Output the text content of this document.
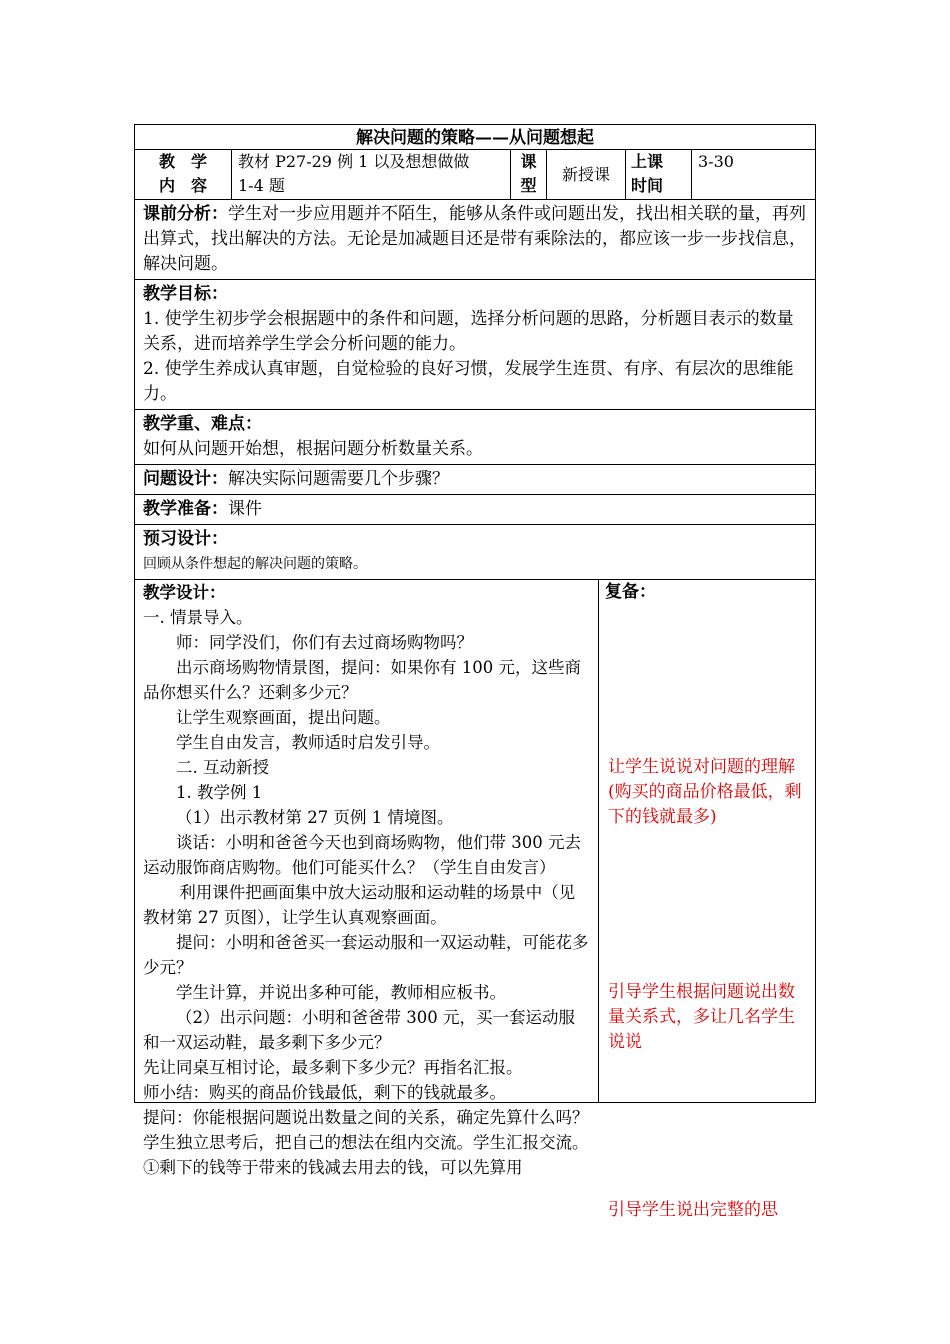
解决问题的策略——从问题想起
教　学
内　容
教材 P27-29 例 1 以及想想做做
1-4 题
课
型
新授课
上课
时间
3-30
课前分析：学生对一步应用题并不陌生，能够从条件或问题出发，找出相关联的量，再列出算式，找出解决的方法。无论是加减题目还是带有乘除法的，都应该一步一步找信息，解决问题。
教学目标：
1. 使学生初步学会根据题中的条件和问题，选择分析问题的思路，分析题目表示的数量关系，进而培养学生学会分析问题的能力。
2. 使学生养成认真审题，自觉检验的良好习惯，发展学生连贯、有序、有层次的思维能力。
教学重、难点：
如何从问题开始想，根据问题分析数量关系。
问题设计：解决实际问题需要几个步骤？
教学准备：课件
预习设计：
回顾从条件想起的解决问题的策略。
教学设计：
一. 情景导入。
师：同学没们，你们有去过商场购物吗？
出示商场购物情景图，提问：如果你有 100 元，这些商品你想买什么？还剩多少元？
让学生观察画面，提出问题。
学生自由发言，教师适时启发引导。
二. 互动新授
1. 教学例 1
（1）出示教材第 27 页例 1 情境图。
谈话：小明和爸爸今天也到商场购物，他们带 300 元去运动服饰商店购物。他们可能买什么？（学生自由发言）
利用课件把画面集中放大运动服和运动鞋的场景中（见教材第 27 页图），让学生认真观察画面。
提问：小明和爸爸买一套运动服和一双运动鞋，可能花多少元？
学生计算，并说出多种可能，教师相应板书。
（2）出示问题：小明和爸爸带 300 元，买一套运动服和一双运动鞋，最多剩下多少元？
先让同桌互相讨论，最多剩下多少元？再指名汇报。
师小结：购买的商品价钱最低，剩下的钱就最多。
提问：你能根据问题说出数量之间的关系，确定先算什么吗？学生独立思考后，把自己的想法在组内交流。学生汇报交流。
①剩下的钱等于带来的钱减去用去的钱，可以先算用
复备：
让学生说说对问题的理解(购买的商品价格最低，剩下的钱就最多)
引导学生根据问题说出数量关系式，多让几名学生说说
引导学生说出完整的思
